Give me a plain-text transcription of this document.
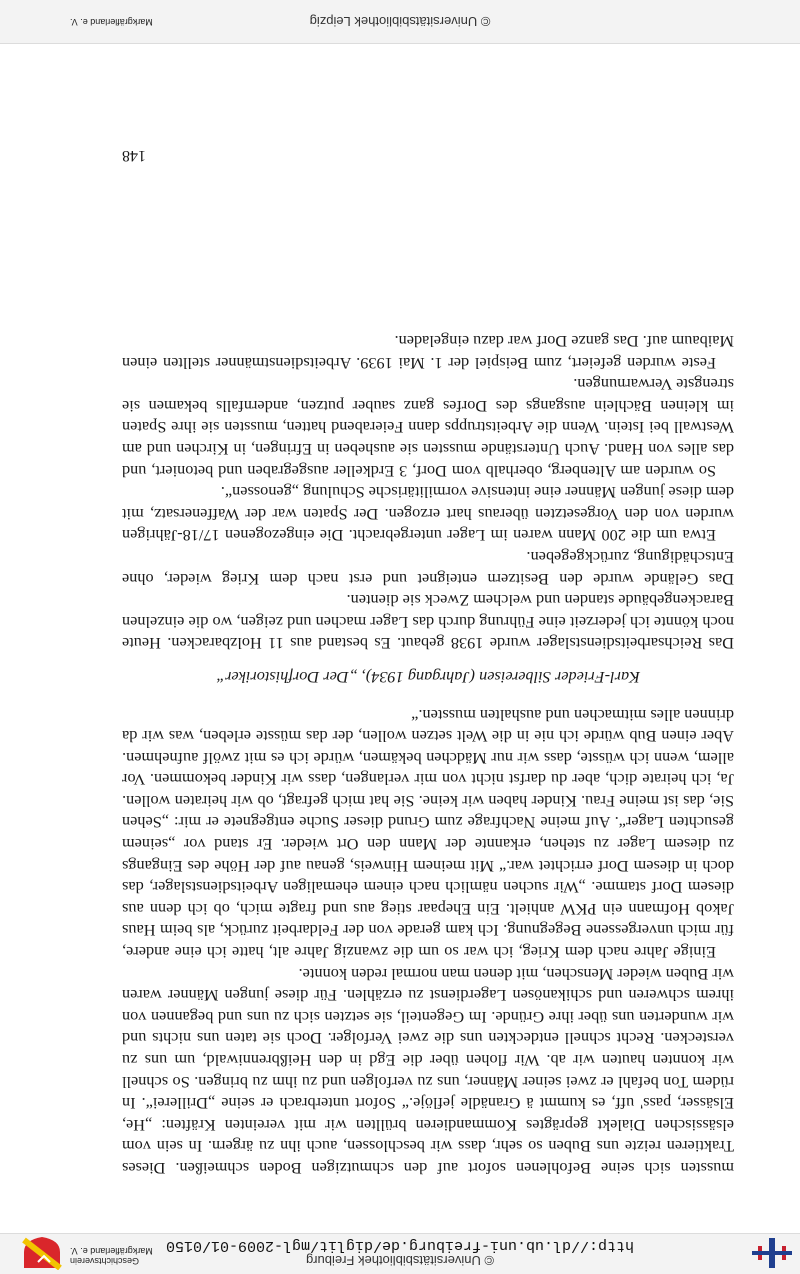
© Universitätsbibliothek Freiburg
http://dl.ub.uni-freiburg.de/diglit/mgl-2009-01/0150
Geschichtsverein
Markgräflerland e. V.

mussten sich seine Befohlenen sofort auf den schmutzigen Boden schmeißen. Dieses Traktieren reizte uns Buben so sehr, dass wir beschlossen, auch ihn zu ärgern. In sein vom elsässischen Dialekt geprägtes Kommandieren brüllten wir mit vereinten Kräften: „He, Elsässer, pass' uff, es kummt ä Granädle jeflöje.“ Sofort unterbrach er seine „Drillerei“. In rüdem Ton befahl er zwei seiner Männer, uns zu verfolgen und zu ihm zu bringen. So schnell wir konnten hauten wir ab. Wir flohen über die Egd in den Heißbrenniwald, um uns zu verstecken. Recht schnell entdeckten uns die zwei Verfolger. Doch sie taten uns nichts und wir wunderten uns über ihre Gründe. Im Gegenteil, sie setzten sich zu uns und begannen von ihrem schweren und schikanösen Lagerdienst zu erzählen. Für diese jungen Männer waren wir Buben wieder Menschen, mit denen man normal reden konnte.

Einige Jahre nach dem Krieg, ich war so um die zwanzig Jahre alt, hatte ich eine andere, für mich unvergessene Begegnung. Ich kam gerade von der Feldarbeit zurück, als beim Haus Jakob Hofmann ein PKW anhielt. Ein Ehepaar stieg aus und fragte mich, ob ich denn aus diesem Dorf stamme. „Wir suchen nämlich nach einem ehemaligen Arbeitsdienstslager, das doch in diesem Dorf errichtet war.“ Mit meinem Hinweis, genau auf der Höhe des Eingangs zu diesem Lager zu stehen, erkannte der Mann den Ort wieder. Er stand vor „seinem gesuchten Lager“. Auf meine Nachfrage zum Grund dieser Suche entgegnete er mir: „Sehen Sie, das ist meine Frau. Kinder haben wir keine. Sie hat mich gefragt, ob wir heiraten wollen. Ja, ich heirate dich, aber du darfst nicht von mir verlangen, dass wir Kinder bekommen. Vor allem, wenn ich wüsste, dass wir nur Mädchen bekämen, würde ich es mit zwölf aufnehmen. Aber einen Bub würde ich nie in die Welt setzen wollen, der das müsste erleben, was wir da drinnen alles mitmachen und aushalten mussten.“

Karl-Frieder Silbereisen (Jahrgang 1934), „Der Dorfhistoriker“

Das Reichsarbeitsdienstslager wurde 1938 gebaut. Es bestand aus 11 Holzbaracken. Heute noch könnte ich jederzeit eine Führung durch das Lager machen und zeigen, wo die einzelnen Barackengebäude standen und welchem Zweck sie dienten.

Das Gelände wurde den Besitzern enteignet und erst nach dem Krieg wieder, ohne Entschädigung, zurückgegeben.

Etwa um die 200 Mann waren im Lager untergebracht. Die eingezogenen 17/18-Jährigen wurden von den Vorgesetzten überaus hart erzogen. Der Spaten war der Waffenersatz, mit dem diese jungen Männer eine intensive vormilitärische Schulung „genossen“.

So wurden am Altenberg, oberhalb vom Dorf, 3 Erdkeller ausgegraben und betoniert, und das alles von Hand. Auch Unterstände mussten sie ausheben in Efringen, in Kirchen und am Westwall bei Istein. Wenn die Arbeitstrupps dann Feierabend hatten, mussten sie ihre Spaten im kleinen Bächlein ausgangs des Dorfes ganz sauber putzen, andernfalls bekamen sie strengste Verwarnungen.

Feste wurden gefeiert, zum Beispiel der 1. Mai 1939. Arbeitsdienstmänner stellten einen Maibaum auf. Das ganze Dorf war dazu eingeladen.

148
© Universitätsbibliothek Leipzig
Markgräflerland e. V.
